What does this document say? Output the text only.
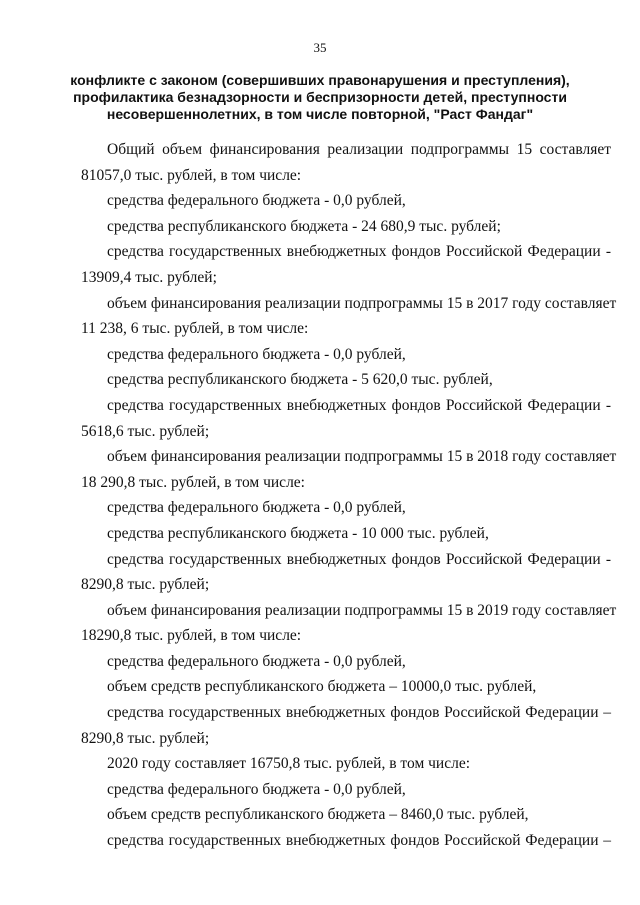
35
конфликте с законом (совершивших правонарушения и преступления),
профилактика безнадзорности и беспризорности детей, преступности
несовершеннолетних, в том числе повторной, "Раст Фандаг"
Общий объем финансирования реализации подпрограммы 15 составляет
81057,0 тыс. рублей, в том числе:
средства федерального бюджета - 0,0 рублей,
средства республиканского бюджета - 24 680,9 тыс. рублей;
средства государственных внебюджетных фондов Российской Федерации -
13909,4 тыс. рублей;
объем финансирования реализации подпрограммы 15 в 2017 году составляет
11 238, 6 тыс. рублей, в том числе:
средства федерального бюджета - 0,0 рублей,
средства республиканского бюджета - 5 620,0 тыс. рублей,
средства государственных внебюджетных фондов Российской Федерации -
5618,6 тыс. рублей;
объем финансирования реализации подпрограммы 15 в 2018 году составляет
18 290,8 тыс. рублей, в том числе:
средства федерального бюджета - 0,0 рублей,
средства республиканского бюджета - 10 000 тыс. рублей,
средства государственных внебюджетных фондов Российской Федерации -
8290,8 тыс. рублей;
объем финансирования реализации подпрограммы 15 в 2019 году составляет
18290,8 тыс. рублей, в том числе:
средства федерального бюджета - 0,0 рублей,
объем средств республиканского бюджета – 10000,0 тыс. рублей,
средства государственных внебюджетных фондов Российской Федерации –
8290,8 тыс. рублей;
2020 году составляет 16750,8 тыс. рублей, в том числе:
средства федерального бюджета - 0,0 рублей,
объем средств республиканского бюджета – 8460,0 тыс. рублей,
средства государственных внебюджетных фондов Российской Федерации –
